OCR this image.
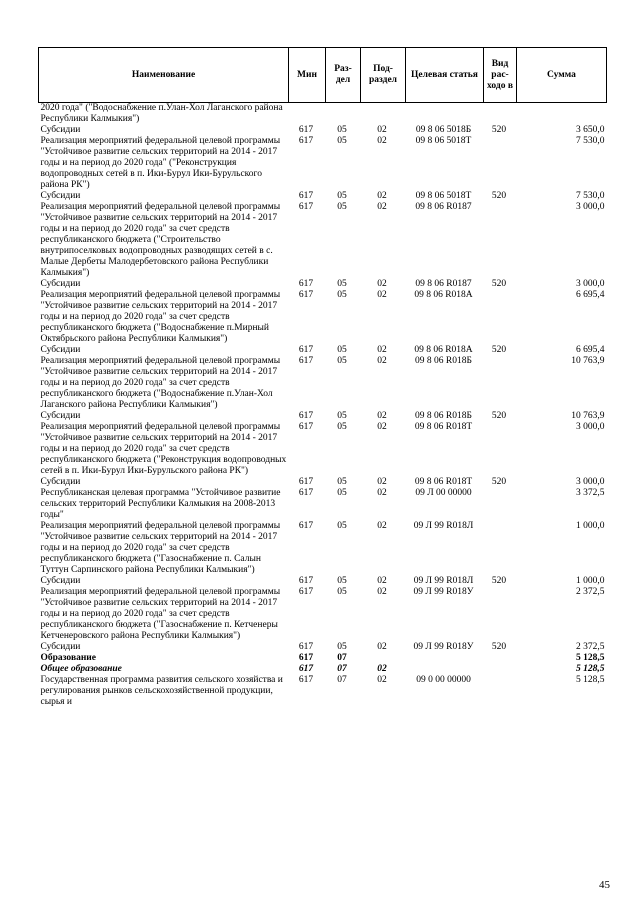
Наименование	Мин	Раз- дел	Под- раздел	Целевая статья	Вид рас- ходо в	Сумма
2020 года" ("Водоснабжение п.Улан-Хол Лаганского района Республики Калмыкия")						
Субсидии	617	05	02	09 8 06 5018Б	520	3 650,0
Реализация мероприятий федеральной целевой программы "Устойчивое развитие сельских территорий на 2014 - 2017 годы и на период до 2020 года" ("Реконструкция водопроводных сетей в п. Ики-Бурул Ики-Бурульского района РК")	617	05	02	09 8 06 5018Т		7 530,0
Субсидии	617	05	02	09 8 06 5018Т	520	7 530,0
Реализация мероприятий федеральной целевой программы "Устойчивое развитие сельских территорий на 2014 - 2017 годы и на период до 2020 года" за счет средств республиканского бюджета ("Строительство внутрипоселковых водопроводных разводящих сетей в с. Малые Дербеты Малодербетовского района Республики Калмыкия")	617	05	02	09 8 06 R0187		3 000,0
Субсидии	617	05	02	09 8 06 R0187	520	3 000,0
Реализация мероприятий федеральной целевой программы "Устойчивое развитие сельских территорий на 2014 - 2017 годы и на период до 2020 года" за счет средств республиканского бюджета ("Водоснабжение п.Мирный Октябрьского района Республики Калмыкия")	617	05	02	09 8 06 R018А		6 695,4
Субсидии	617	05	02	09 8 06 R018А	520	6 695,4
Реализация мероприятий федеральной целевой программы "Устойчивое развитие сельских территорий на 2014 - 2017 годы и на период до 2020 года" за счет средств республиканского бюджета ("Водоснабжение п.Улан-Хол Лаганского района Республики Калмыкия")	617	05	02	09 8 06 R018Б		10 763,9
Субсидии	617	05	02	09 8 06 R018Б	520	10 763,9
Реализация мероприятий федеральной целевой программы "Устойчивое развитие сельских территорий на 2014 - 2017 годы и на период до 2020 года" за счет средств республиканского бюджета ("Реконструкция водопроводных сетей в п. Ики-Бурул Ики-Бурульского района РК")	617	05	02	09 8 06 R018Т		3 000,0
Субсидии	617	05	02	09 8 06 R018Т	520	3 000,0
Республиканская целевая программа "Устойчивое развитие сельских территорий Республики Калмыкия на 2008-2013 годы"	617	05	02	09 Л 00 00000		3 372,5
Реализация мероприятий федеральной целевой программы "Устойчивое развитие сельских территорий на 2014 - 2017 годы и на период до 2020 года" за счет средств республиканского бюджета ("Газоснабжение п. Салын Туттун Сарпинского района Республики Калмыкия")	617	05	02	09 Л 99 R018Л		1 000,0
Субсидии	617	05	02	09 Л 99 R018Л	520	1 000,0
Реализация мероприятий федеральной целевой программы "Устойчивое развитие сельских территорий на 2014 - 2017 годы и на период до 2020 года" за счет средств республиканского бюджета ("Газоснабжение п. Кетченеры Кетченеровского района Республики Калмыкия")	617	05	02	09 Л 99 R018У		2 372,5
Субсидии	617	05	02	09 Л 99 R018У	520	2 372,5
Образование	617	07				5 128,5
Общее образование	617	07	02			5 128,5
Государственная программа развития сельского хозяйства и регулирования рынков сельскохозяйственной продукции, сырья и	617	07	02	09 0 00 00000		5 128,5
45
